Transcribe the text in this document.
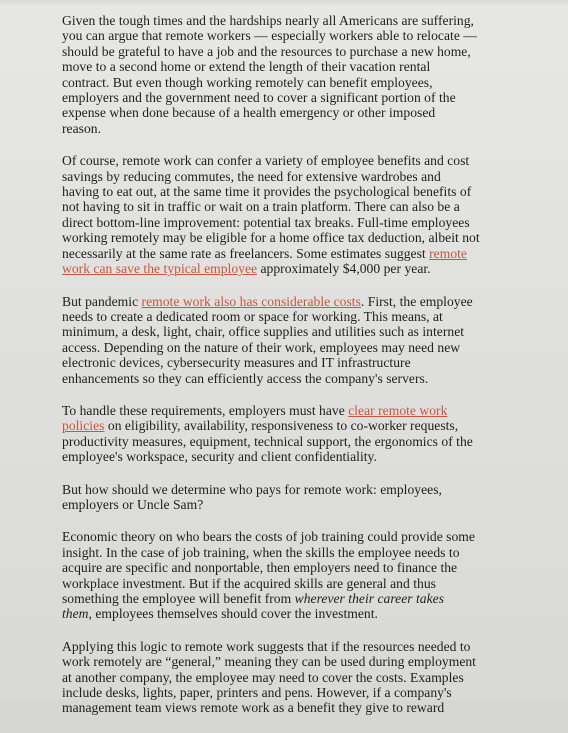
Given the tough times and the hardships nearly all Americans are suffering,
you can argue that remote workers — especially workers able to relocate —
should be grateful to have a job and the resources to purchase a new home,
move to a second home or extend the length of their vacation rental
contract. But even though working remotely can benefit employees,
employers and the government need to cover a significant portion of the
expense when done because of a health emergency or other imposed
reason.

Of course, remote work can confer a variety of employee benefits and cost
savings by reducing commutes, the need for extensive wardrobes and
having to eat out, at the same time it provides the psychological benefits of
not having to sit in traffic or wait on a train platform. There can also be a
direct bottom-line improvement: potential tax breaks. Full-time employees
working remotely may be eligible for a home office tax deduction, albeit not
necessarily at the same rate as freelancers. Some estimates suggest remote
work can save the typical employee approximately $4,000 per year.

But pandemic remote work also has considerable costs. First, the employee
needs to create a dedicated room or space for working. This means, at
minimum, a desk, light, chair, office supplies and utilities such as internet
access. Depending on the nature of their work, employees may need new
electronic devices, cybersecurity measures and IT infrastructure
enhancements so they can efficiently access the company's servers.

To handle these requirements, employers must have clear remote work
policies on eligibility, availability, responsiveness to co-worker requests,
productivity measures, equipment, technical support, the ergonomics of the
employee's workspace, security and client confidentiality.

But how should we determine who pays for remote work: employees,
employers or Uncle Sam?

Economic theory on who bears the costs of job training could provide some
insight. In the case of job training, when the skills the employee needs to
acquire are specific and nonportable, then employers need to finance the
workplace investment. But if the acquired skills are general and thus
something the employee will benefit from wherever their career takes
them, employees themselves should cover the investment.

Applying this logic to remote work suggests that if the resources needed to
work remotely are “general,” meaning they can be used during employment
at another company, the employee may need to cover the costs. Examples
include desks, lights, paper, printers and pens. However, if a company's
management team views remote work as a benefit they give to reward
